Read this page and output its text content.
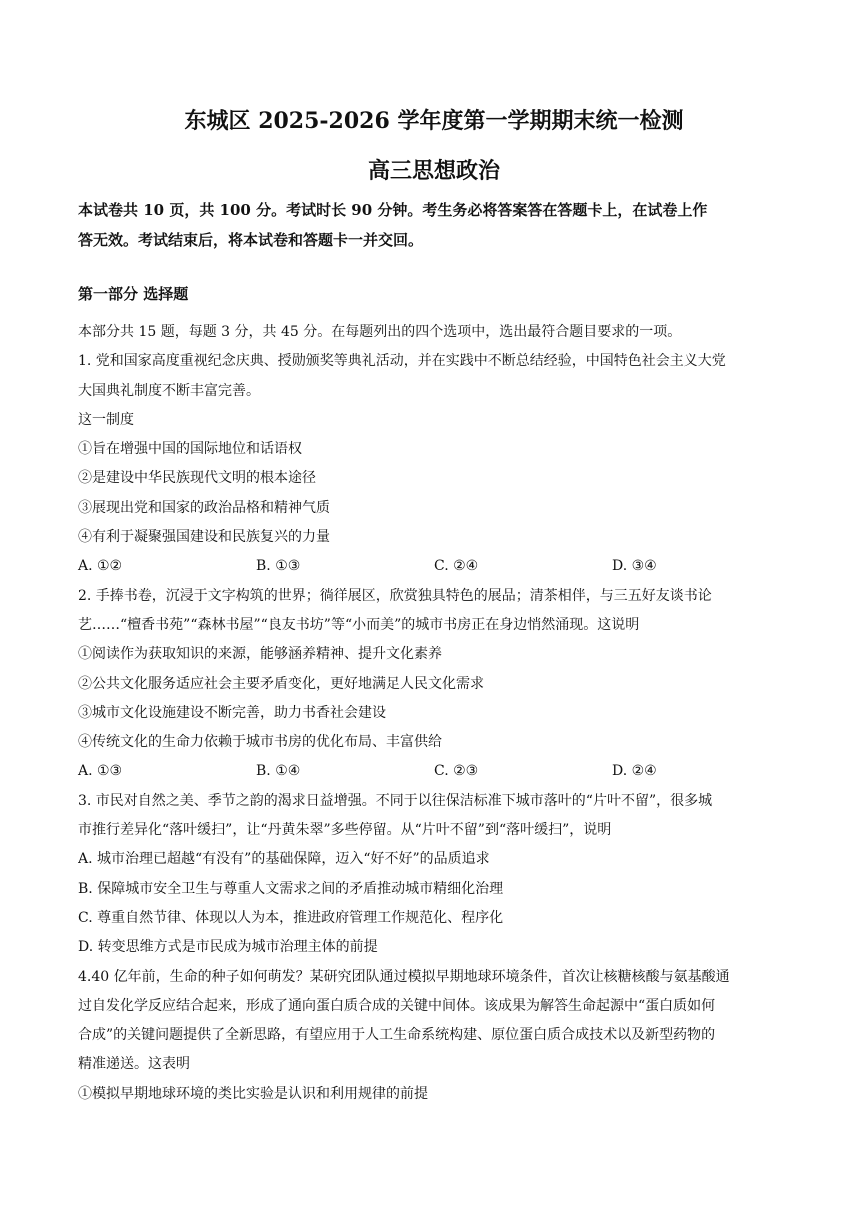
东城区 2025-2026 学年度第一学期期末统一检测
高三思想政治
本试卷共 10 页，共 100 分。考试时长 90 分钟。考生务必将答案答在答题卡上，在试卷上作
答无效。考试结束后，将本试卷和答题卡一并交回。
第一部分 选择题
本部分共 15 题，每题 3 分，共 45 分。在每题列出的四个选项中，选出最符合题目要求的一项。
1. 党和国家高度重视纪念庆典、授勋颁奖等典礼活动，并在实践中不断总结经验，中国特色社会主义大党
大国典礼制度不断丰富完善。
这一制度
①旨在增强中国的国际地位和话语权
②是建设中华民族现代文明的根本途径
③展现出党和国家的政治品格和精神气质
④有利于凝聚强国建设和民族复兴的力量
A. ①②	B. ①③	C. ②④	D. ③④
2. 手捧书卷，沉浸于文字构筑的世界；徜徉展区，欣赏独具特色的展品；清茶相伴，与三五好友谈书论
艺……“檀香书苑”“森林书屋”“良友书坊”等“小而美”的城市书房正在身边悄然涌现。这说明
①阅读作为获取知识的来源，能够涵养精神、提升文化素养
②公共文化服务适应社会主要矛盾变化，更好地满足人民文化需求
③城市文化设施建设不断完善，助力书香社会建设
④传统文化的生命力依赖于城市书房的优化布局、丰富供给
A. ①③	B. ①④	C. ②③	D. ②④
3. 市民对自然之美、季节之韵的渴求日益增强。不同于以往保洁标准下城市落叶的“片叶不留”，很多城
市推行差异化“落叶缓扫”，让“丹黄朱翠”多些停留。从“片叶不留”到“落叶缓扫”，说明
A. 城市治理已超越“有没有”的基础保障，迈入“好不好”的品质追求
B. 保障城市安全卫生与尊重人文需求之间的矛盾推动城市精细化治理
C. 尊重自然节律、体现以人为本，推进政府管理工作规范化、程序化
D. 转变思维方式是市民成为城市治理主体的前提
4.40 亿年前，生命的种子如何萌发？某研究团队通过模拟早期地球环境条件，首次让核糖核酸与氨基酸通
过自发化学反应结合起来，形成了通向蛋白质合成的关键中间体。该成果为解答生命起源中“蛋白质如何
合成”的关键问题提供了全新思路，有望应用于人工生命系统构建、原位蛋白质合成技术以及新型药物的
精准递送。这表明
①模拟早期地球环境的类比实验是认识和利用规律的前提
